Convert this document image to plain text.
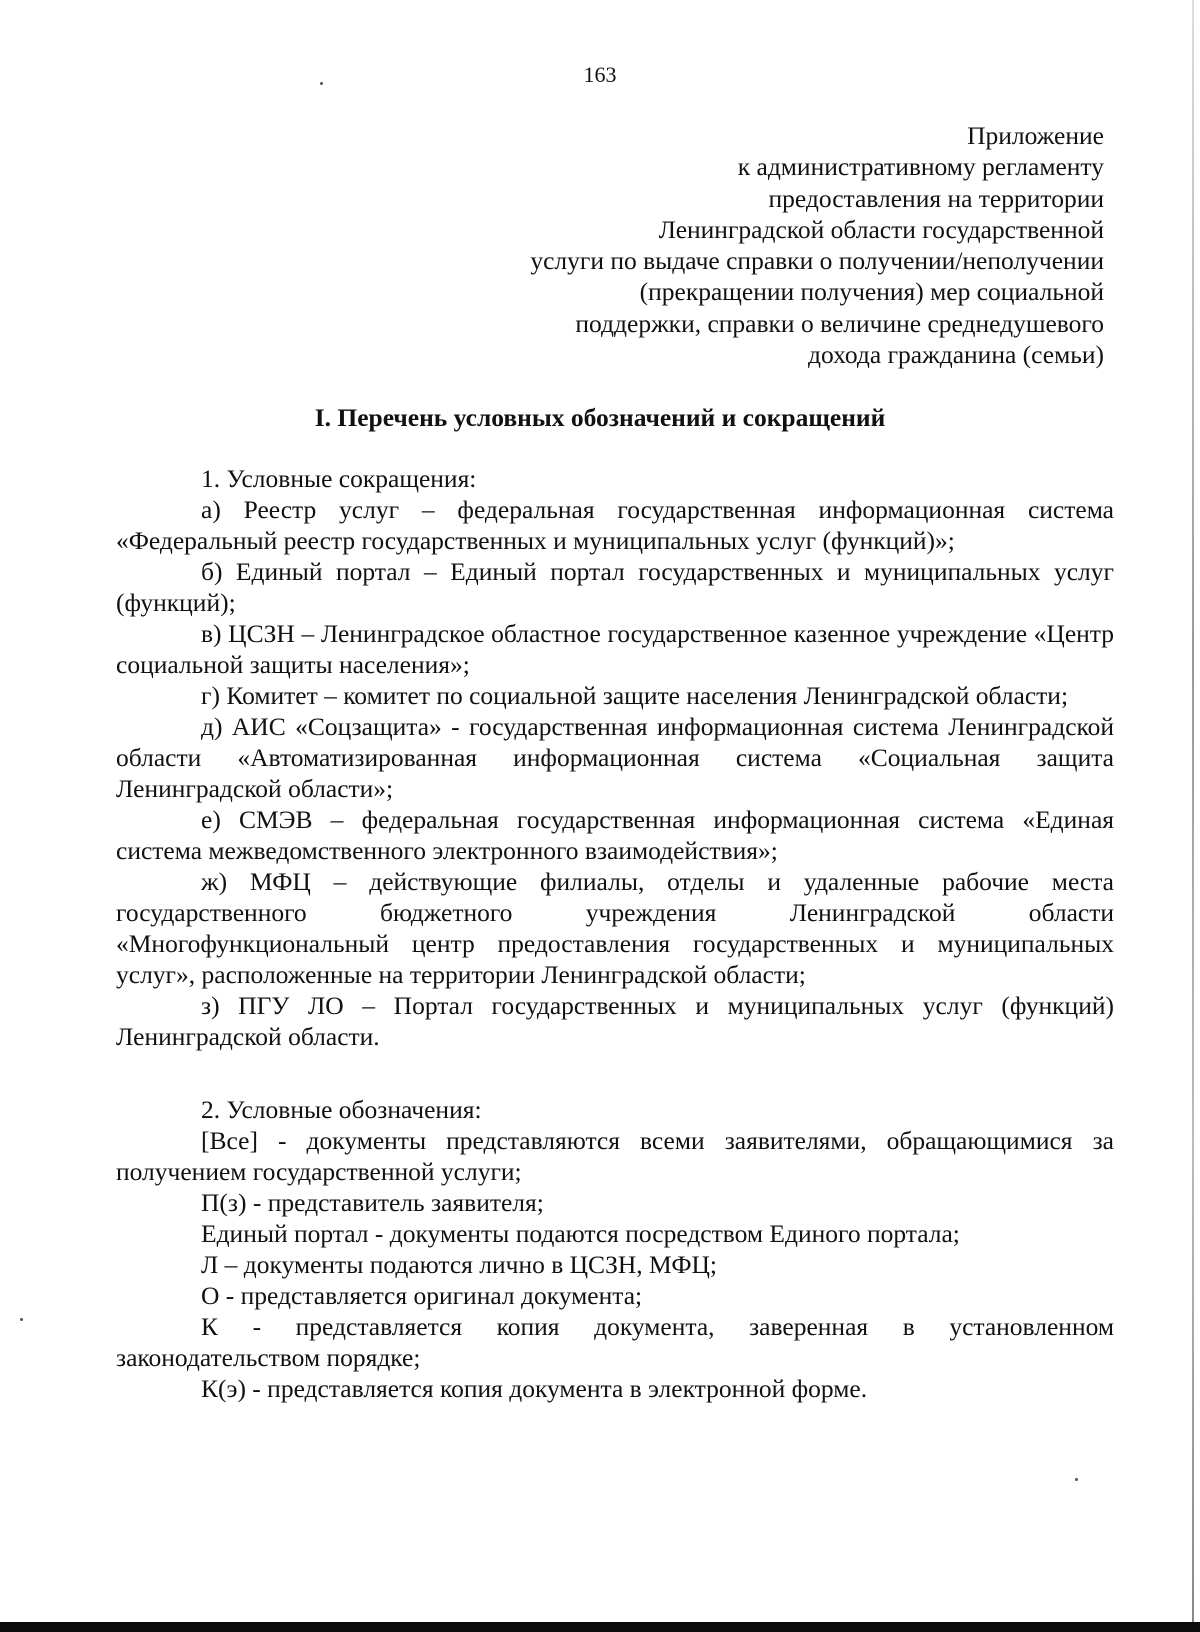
163
Приложение
к административному регламенту
предоставления на территории
Ленинградской области государственной
услуги по выдаче справки о получении/неполучении
(прекращении получения) мер социальной
поддержки, справки о величине среднедушевого
дохода гражданина (семьи)
I. Перечень условных обозначений и сокращений

1. Условные сокращения:

а) Реестр услуг – федеральная государственная информационная система «Федеральный реестр государственных и муниципальных услуг (функций)»;

б) Единый портал – Единый портал государственных и муниципальных услуг (функций);

в) ЦСЗН – Ленинградское областное государственное казенное учреждение «Центр социальной защиты населения»;

г) Комитет – комитет по социальной защите населения Ленинградской области;

д) АИС «Соцзащита» - государственная информационная система Ленинградской области «Автоматизированная информационная система «Социальная защита Ленинградской области»;

е) СМЭВ – федеральная государственная информационная система «Единая система межведомственного электронного взаимодействия»;

ж) МФЦ – действующие филиалы, отделы и удаленные рабочие места государственного бюджетного учреждения Ленинградской области «Многофункциональный центр предоставления государственных и муниципальных услуг», расположенные на территории Ленинградской области;

з) ПГУ ЛО – Портал государственных и муниципальных услуг (функций) Ленинградской области.

2. Условные обозначения:

[Все] - документы представляются всеми заявителями, обращающимися за получением государственной услуги;

П(з) - представитель заявителя;

Единый портал - документы подаются посредством Единого портала;

Л – документы подаются лично в ЦСЗН, МФЦ;

О - представляется оригинал документа;

К - представляется копия документа, заверенная в установленном законодательством порядке;

К(э) - представляется копия документа в электронной форме.
